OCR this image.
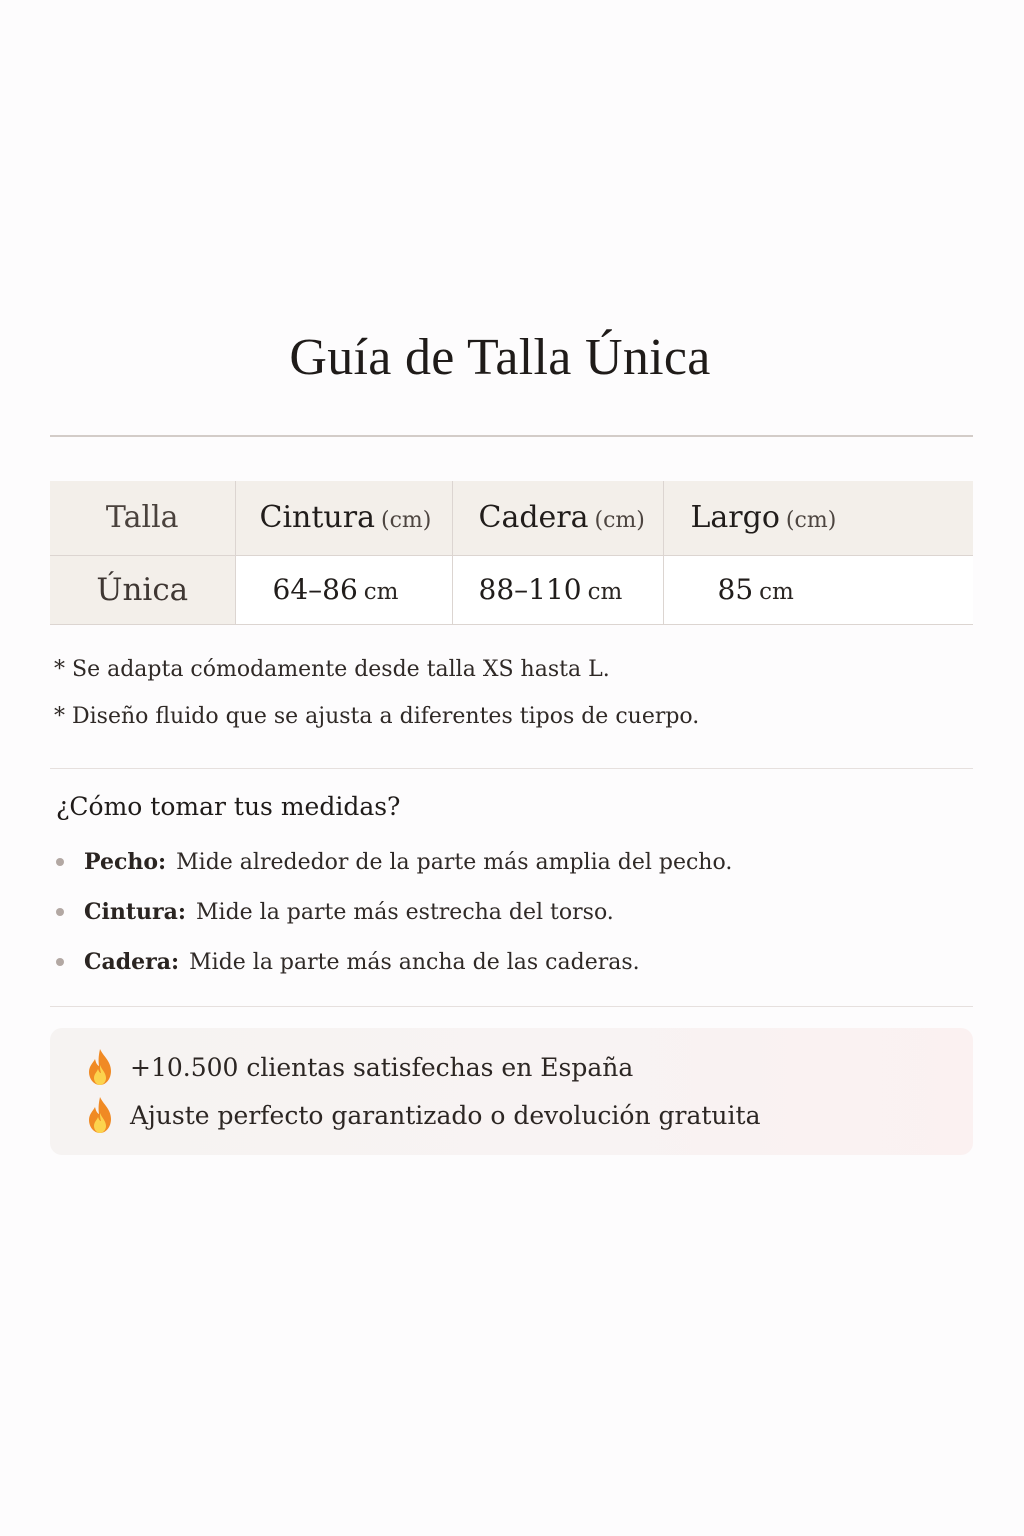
Guía de Talla Única
Talla	Cintura (cm)	Cadera (cm)	Largo (cm)
Única	64–86 cm	88–110 cm	85 cm
* Se adapta cómodamente desde talla XS hasta L.
* Diseño fluido que se ajusta a diferentes tipos de cuerpo.
¿Cómo tomar tus medidas?
Pecho: Mide alrededor de la parte más amplia del pecho.
Cintura: Mide la parte más estrecha del torso.
Cadera: Mide la parte más ancha de las caderas.
+10.500 clientas satisfechas en España
Ajuste perfecto garantizado o devolución gratuita
